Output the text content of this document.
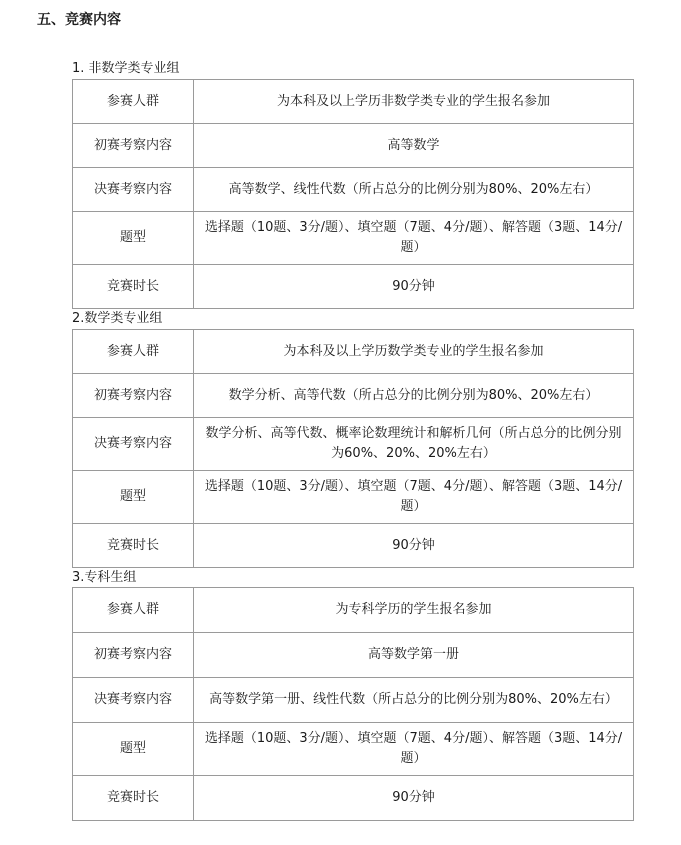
五、竞赛内容
1. 非数学类专业组
参赛人群	为本科及以上学历非数学类专业的学生报名参加
初赛考察内容	高等数学
决赛考察内容	高等数学、线性代数（所占总分的比例分别为80%、20%左右）
题型	选择题（10题、3分/题）、填空题（7题、4分/题）、解答题（3题、14分/题）
竞赛时长	90分钟
2.数学类专业组
参赛人群	为本科及以上学历数学类专业的学生报名参加
初赛考察内容	数学分析、高等代数（所占总分的比例分别为80%、20%左右）
决赛考察内容	数学分析、高等代数、概率论数理统计和解析几何（所占总分的比例分别为60%、20%、20%左右）
题型	选择题（10题、3分/题）、填空题（7题、4分/题）、解答题（3题、14分/题）
竞赛时长	90分钟
3.专科生组
参赛人群	为专科学历的学生报名参加
初赛考察内容	高等数学第一册
决赛考察内容	高等数学第一册、线性代数（所占总分的比例分别为80%、20%左右）
题型	选择题（10题、3分/题）、填空题（7题、4分/题）、解答题（3题、14分/题）
竞赛时长	90分钟
